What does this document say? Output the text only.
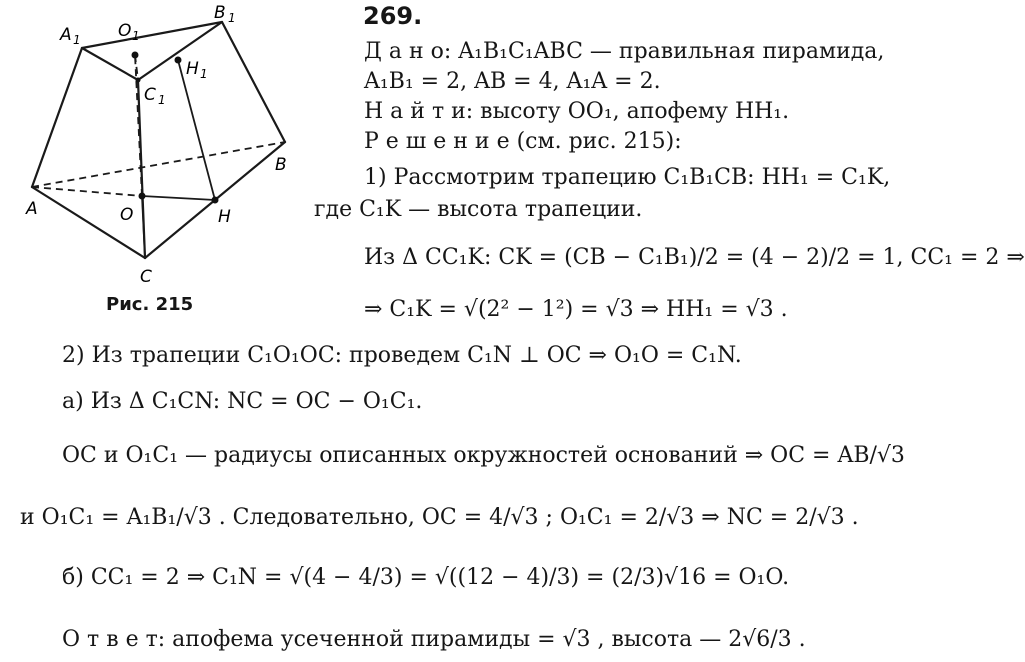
A 1 O 1
B 1
H 1
C 1
A	O	H
B
C
Рис. 215
269.
Д а н о: A₁B₁C₁ABC — правильная пирамида,
A₁B₁ = 2, AB = 4, A₁A = 2.
Н а й т и: высоту OO₁, апофему HH₁.
Р е ш е н и е (см. рис. 215):
1) Рассмотрим трапецию C₁B₁CB: HH₁ = C₁K,
где C₁K — высота трапеции.
Из Δ CC₁K: CK = (CB − C₁B₁)/2 = (4 − 2)/2 = 1, CC₁ = 2 ⇒
⇒ C₁K = √(2² − 1²) = √3 ⇒ HH₁ = √3 .
2) Из трапеции C₁O₁OC: проведем C₁N ⊥ OC ⇒ O₁O = C₁N.
а) Из Δ C₁CN: NC = OC − O₁C₁.
OC и O₁C₁ — радиусы описанных окружностей оснований ⇒ OC = AB/√3
и O₁C₁ = A₁B₁/√3 . Следовательно, OC = 4/√3 ; O₁C₁ = 2/√3 ⇒ NC = 2/√3 .
б) CC₁ = 2 ⇒ C₁N = √(4 − 4/3) = √((12 − 4)/3) = (2/3)√16 = O₁O.
О т в е т: апофема усеченной пирамиды = √3 , высота — 2√6/3 .
